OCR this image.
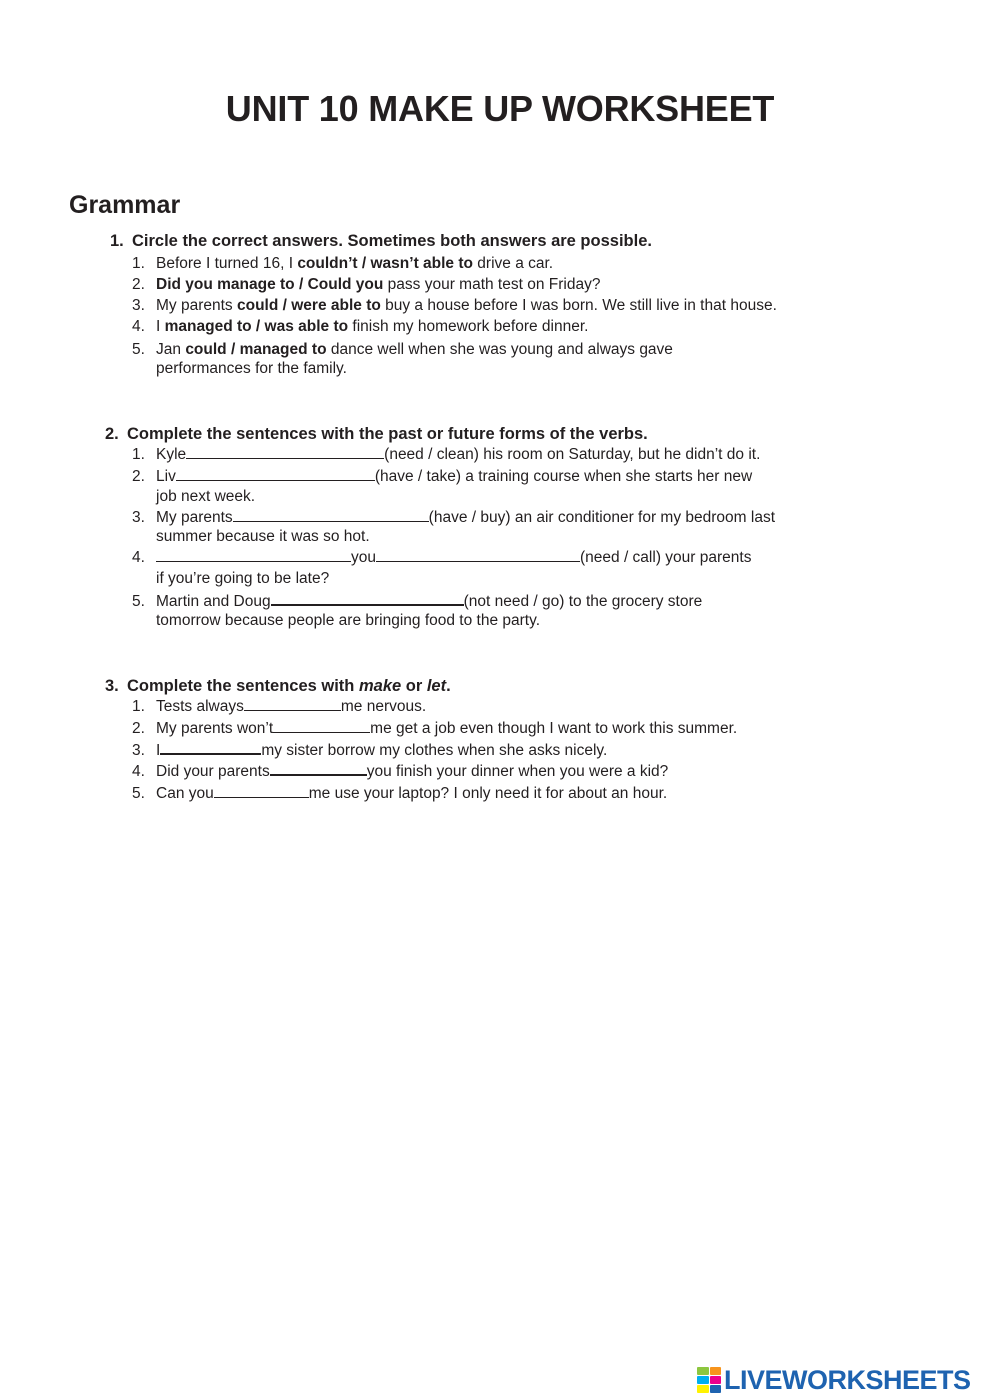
UNIT 10 MAKE UP WORKSHEET
Grammar
1. Circle the correct answers. Sometimes both answers are possible.
1. Before I turned 16, I couldn’t / wasn’t able to drive a car.
2. Did you manage to / Could you pass your math test on Friday?
3. My parents could / were able to buy a house before I was born. We still live in that house.
4. I managed to / was able to finish my homework before dinner.
5. Jan could / managed to dance well when she was young and always gave
performances for the family.
2. Complete the sentences with the past or future forms of the verbs.
1. Kyle	(need / clean) his room on Saturday, but he didn’t do it.
2. Liv	(have / take) a training course when she starts her new
job next week.
3. My parents	(have / buy) an air conditioner for my bedroom last
summer because it was so hot.
4.	you	(need / call) your parents
if you’re going to be late?
5. Martin and Doug	(not need / go) to the grocery store
tomorrow because people are bringing food to the party.
3. Complete the sentences with make or let.
1. Tests always	me nervous.
2. My parents won’t	me get a job even though I want to work this summer.
3. I	my sister borrow my clothes when she asks nicely.
4. Did your parents	you finish your dinner when you were a kid?
5. Can you	me use your laptop? I only need it for about an hour.
LIVEWORKSHEETS
